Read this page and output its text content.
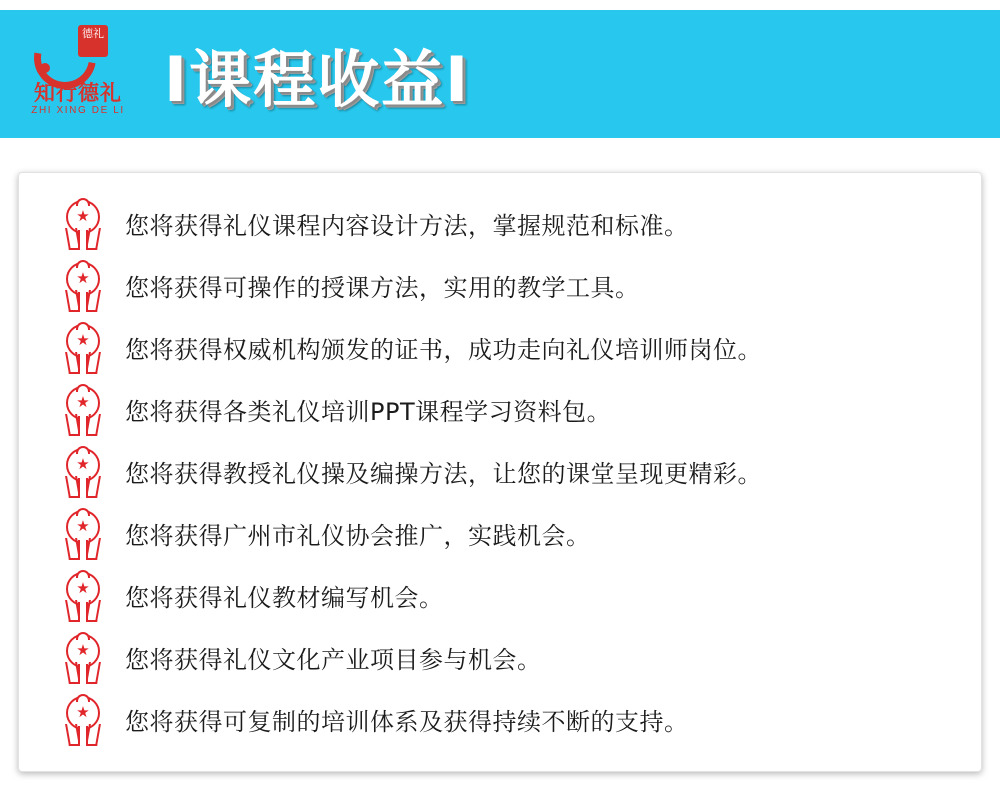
德礼
知行德礼
ZHI XING DE LI I课程收益I
★	您将获得礼仪课程内容设计方法，掌握规范和标准。
★	您将获得可操作的授课方法，实用的教学工具。
★	您将获得权威机构颁发的证书，成功走向礼仪培训师岗位。
★	您将获得各类礼仪培训PPT课程学习资料包。
★	您将获得教授礼仪操及编操方法，让您的课堂呈现更精彩。
★	您将获得广州市礼仪协会推广，实践机会。
★	您将获得礼仪教材编写机会。
★	您将获得礼仪文化产业项目参与机会。
★	您将获得可复制的培训体系及获得持续不断的支持。
